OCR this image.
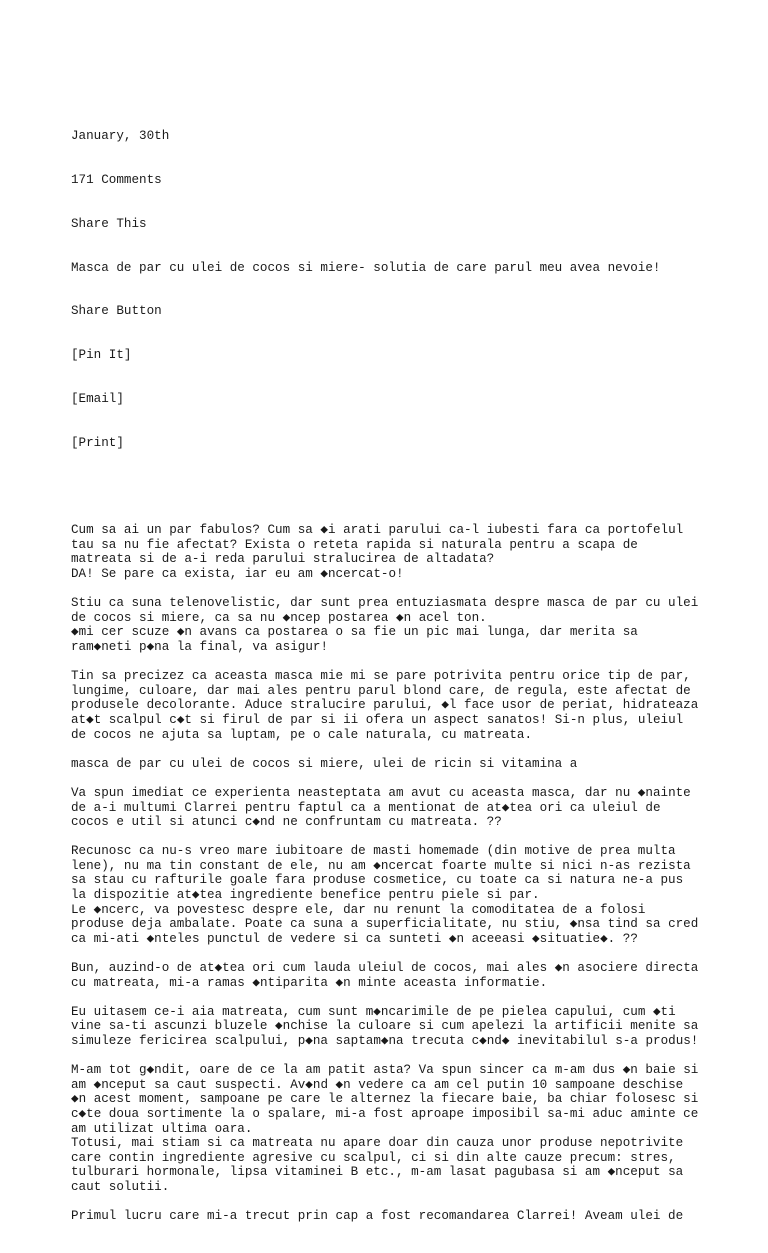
January, 30th

171 Comments

Share This

Masca de par cu ulei de cocos si miere- solutia de care parul meu avea nevoie!

Share Button

[Pin It]

[Email]

[Print]

Cum sa ai un par fabulos? Cum sa ◆i arati parului ca-l iubesti fara ca portofelul
tau sa nu fie afectat? Exista o reteta rapida si naturala pentru a scapa de
matreata si de a-i reda parului stralucirea de altadata?
DA! Se pare ca exista, iar eu am ◆ncercat-o!
Stiu ca suna telenovelistic, dar sunt prea entuziasmata despre masca de par cu ulei
de cocos si miere, ca sa nu ◆ncep postarea ◆n acel ton.
◆mi cer scuze ◆n avans ca postarea o sa fie un pic mai lunga, dar merita sa
ram◆neti p◆na la final, va asigur!
Tin sa precizez ca aceasta masca mie mi se pare potrivita pentru orice tip de par,
lungime, culoare, dar mai ales pentru parul blond care, de regula, este afectat de
produsele decolorante. Aduce stralucire parului, ◆l face usor de periat, hidrateaza
at◆t scalpul c◆t si firul de par si ii ofera un aspect sanatos! Si-n plus, uleiul
de cocos ne ajuta sa luptam, pe o cale naturala, cu matreata.
masca de par cu ulei de cocos si miere, ulei de ricin si vitamina a
Va spun imediat ce experienta neasteptata am avut cu aceasta masca, dar nu ◆nainte
de a-i multumi Clarrei pentru faptul ca a mentionat de at◆tea ori ca uleiul de
cocos e util si atunci c◆nd ne confruntam cu matreata. ??
Recunosc ca nu-s vreo mare iubitoare de masti homemade (din motive de prea multa
lene), nu ma tin constant de ele, nu am ◆ncercat foarte multe si nici n-as rezista
sa stau cu rafturile goale fara produse cosmetice, cu toate ca si natura ne-a pus
la dispozitie at◆tea ingrediente benefice pentru piele si par.
Le ◆ncerc, va povestesc despre ele, dar nu renunt la comoditatea de a folosi
produse deja ambalate. Poate ca suna a superficialitate, nu stiu, ◆nsa tind sa cred
ca mi-ati ◆nteles punctul de vedere si ca sunteti ◆n aceeasi ◆situatie◆. ??
Bun, auzind-o de at◆tea ori cum lauda uleiul de cocos, mai ales ◆n asociere directa
cu matreata, mi-a ramas ◆ntiparita ◆n minte aceasta informatie.
Eu uitasem ce-i aia matreata, cum sunt m◆ncarimile de pe pielea capului, cum ◆ti
vine sa-ti ascunzi bluzele ◆nchise la culoare si cum apelezi la artificii menite sa
simuleze fericirea scalpului, p◆na saptam◆na trecuta c◆nd◆ inevitabilul s-a produs!
M-am tot g◆ndit, oare de ce la am patit asta? Va spun sincer ca m-am dus ◆n baie si
am ◆nceput sa caut suspecti. Av◆nd ◆n vedere ca am cel putin 10 sampoane deschise
◆n acest moment, sampoane pe care le alternez la fiecare baie, ba chiar folosesc si
c◆te doua sortimente la o spalare, mi-a fost aproape imposibil sa-mi aduc aminte ce
am utilizat ultima oara.
Totusi, mai stiam si ca matreata nu apare doar din cauza unor produse nepotrivite
care contin ingrediente agresive cu scalpul, ci si din alte cauze precum: stres,
tulburari hormonale, lipsa vitaminei B etc., m-am lasat pagubasa si am ◆nceput sa
caut solutii.
Primul lucru care mi-a trecut prin cap a fost recomandarea Clarrei! Aveam ulei de
